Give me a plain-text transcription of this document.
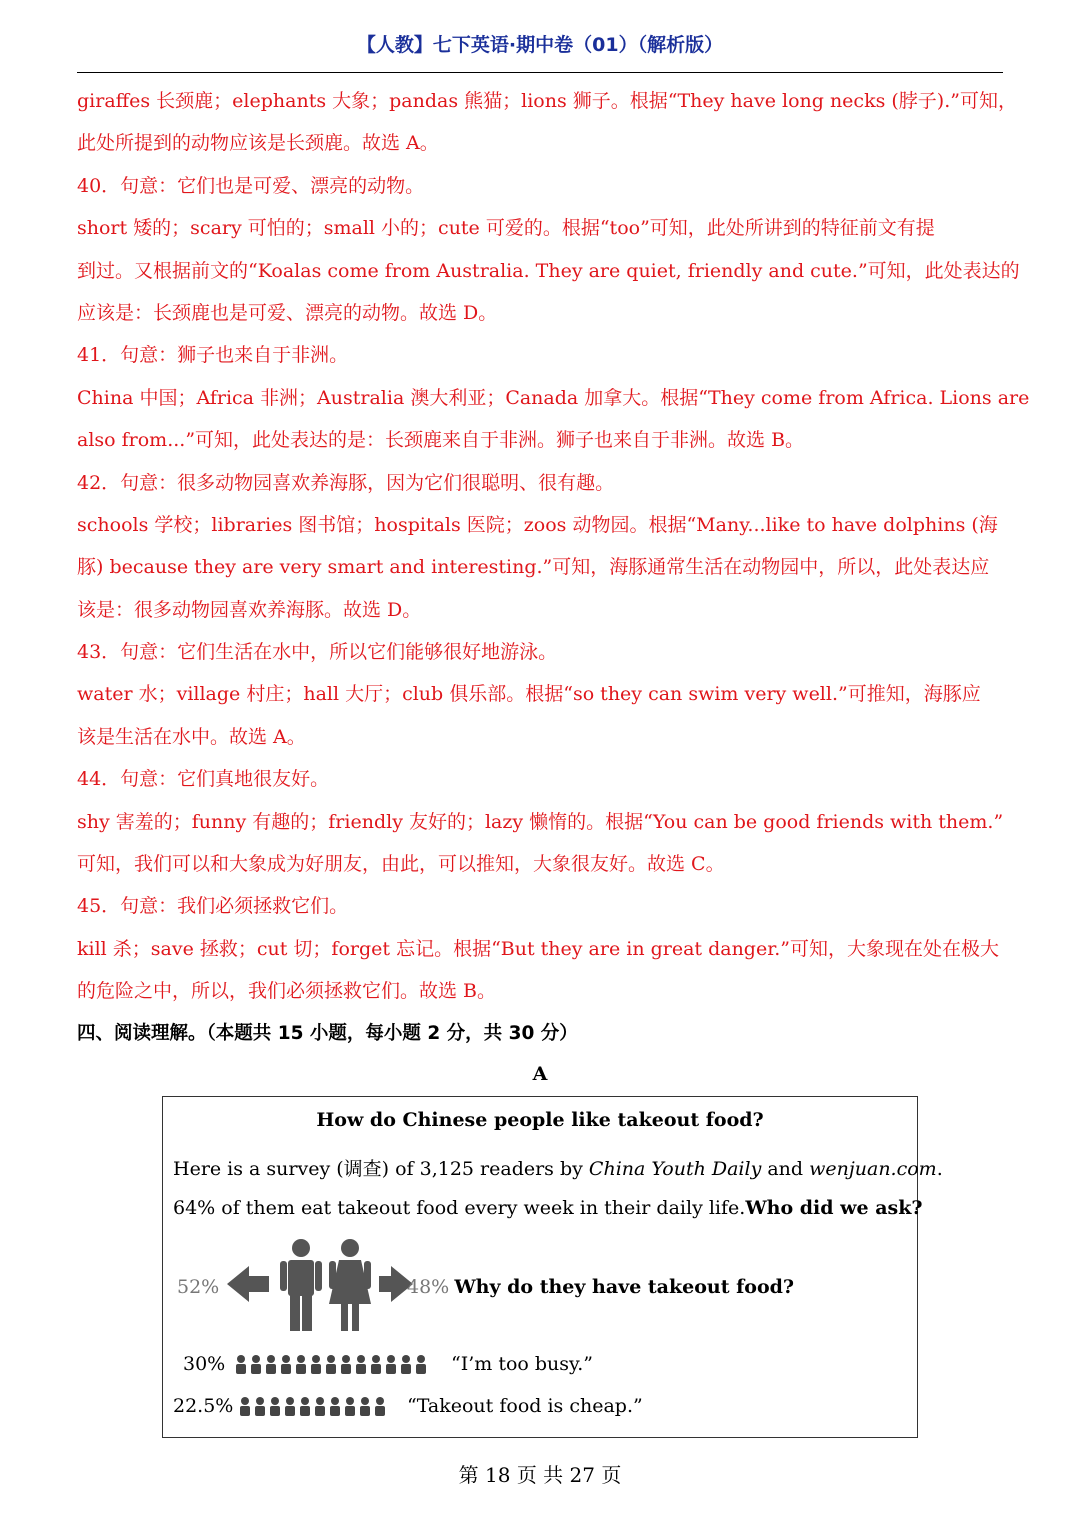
【人教】七下英语·期中卷（01）（解析版）
giraffes 长颈鹿；elephants 大象；pandas 熊猫；lions 狮子。根据“They have long necks (脖子).”可知，
此处所提到的动物应该是长颈鹿。故选 A。
40．句意：它们也是可爱、漂亮的动物。
short 矮的；scary 可怕的；small 小的；cute 可爱的。根据“too”可知，此处所讲到的特征前文有提
到过。又根据前文的“Koalas come from Australia. They are quiet, friendly and cute.”可知，此处表达的
应该是：长颈鹿也是可爱、漂亮的动物。故选 D。
41．句意：狮子也来自于非洲。
China 中国；Africa 非洲；Australia 澳大利亚；Canada 加拿大。根据“They come from Africa. Lions are
also from...”可知，此处表达的是：长颈鹿来自于非洲。狮子也来自于非洲。故选 B。
42．句意：很多动物园喜欢养海豚，因为它们很聪明、很有趣。
schools 学校；libraries 图书馆；hospitals 医院；zoos 动物园。根据“Many...like to have dolphins (海
豚) because they are very smart and interesting.”可知，海豚通常生活在动物园中，所以，此处表达应
该是：很多动物园喜欢养海豚。故选 D。
43．句意：它们生活在水中，所以它们能够很好地游泳。
water 水；village 村庄；hall 大厅；club 俱乐部。根据“so they can swim very well.”可推知，海豚应
该是生活在水中。故选 A。
44．句意：它们真地很友好。
shy 害羞的；funny 有趣的；friendly 友好的；lazy 懒惰的。根据“You can be good friends with them.”
可知，我们可以和大象成为好朋友，由此，可以推知，大象很友好。故选 C。
45．句意：我们必须拯救它们。
kill 杀；save 拯救；cut 切；forget 忘记。根据“But they are in great danger.”可知，大象现在处在极大
的危险之中，所以，我们必须拯救它们。故选 B。
四、阅读理解。（本题共 15 小题，每小题 2 分，共 30 分）
A
How do Chinese people like takeout food?
Here is a survey (调查) of 3,125 readers by China Youth Daily and wenjuan.com.
64% of them eat takeout food every week in their daily life.Who did we ask?
52%	48% Why do they have takeout food?
30%	“I’m too busy.”
22.5%	“Takeout food is cheap.”
第 18 页 共 27 页
